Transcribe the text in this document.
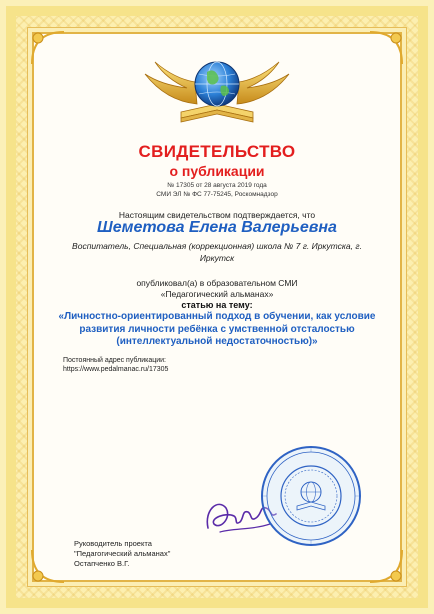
СВИДЕТЕЛЬСТВО

о публикации

№ 17305 от 28 августа 2019 года

СМИ ЭЛ № ФС 77-75245, Роскомнадзор

Настоящим свидетельством подтверждается, что

Шеметова Елена Валерьевна

Воспитатель, Специальная (коррекционная) школа № 7 г. Иркутска, г. Иркутск

опубликовал(а) в образовательном СМИ

«Педагогический альманах»

статью на тему:

«Личностно-ориентированный подход в обучении, как условие развития личности ребёнка с умственной отсталостью (интеллектуальной недостаточностью)»

Постоянный адрес публикации:

https://www.pedalmanac.ru/17305

Руководитель проекта

"Педагогический альманах"

Остапченко В.Г.
